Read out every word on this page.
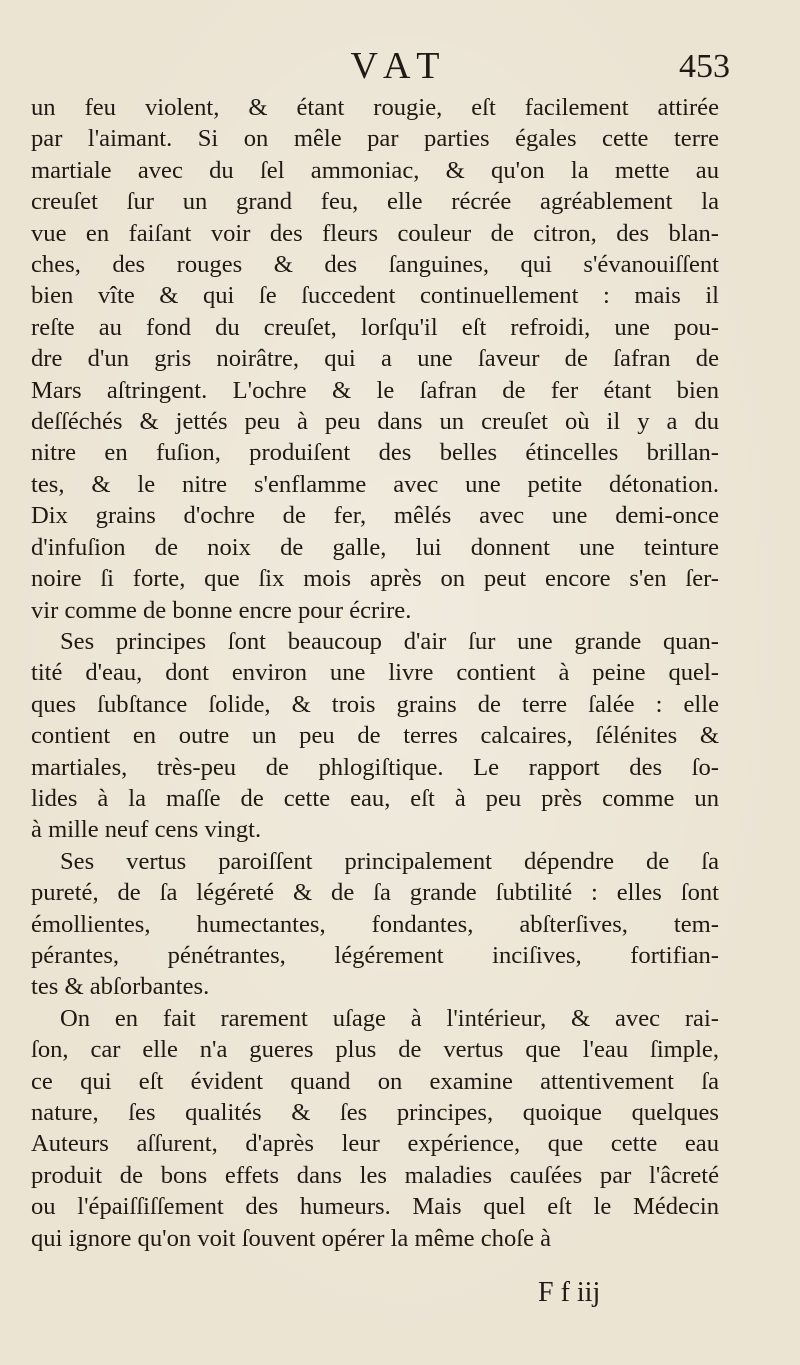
VAT	453
un feu violent, & étant rougie, eſt facilement attirée
par l'aimant. Si on mêle par parties égales cette terre
martiale avec du ſel ammoniac, & qu'on la mette au
creuſet ſur un grand feu, elle récrée agréablement la
vue en faiſant voir des fleurs couleur de citron, des blan-
ches, des rouges & des ſanguines, qui s'évanouiſſent
bien vîte & qui ſe ſuccedent continuellement : mais il
reſte au fond du creuſet, lorſqu'il eſt refroidi, une pou-
dre d'un gris noirâtre, qui a une ſaveur de ſafran de
Mars aſtringent. L'ochre & le ſafran de fer étant bien
deſſéchés & jettés peu à peu dans un creuſet où il y a du
nitre en fuſion, produiſent des belles étincelles brillan-
tes, & le nitre s'enflamme avec une petite détonation.
Dix grains d'ochre de fer, mêlés avec une demi-once
d'infuſion de noix de galle, lui donnent une teinture
noire ſi forte, que ſix mois après on peut encore s'en ſer-
vir comme de bonne encre pour écrire.
Ses principes ſont beaucoup d'air ſur une grande quan-
tité d'eau, dont environ une livre contient à peine quel-
ques ſubſtance ſolide, & trois grains de terre ſalée : elle
contient en outre un peu de terres calcaires, ſélénites &
martiales, très-peu de phlogiſtique. Le rapport des ſo-
lides à la maſſe de cette eau, eſt à peu près comme un
à mille neuf cens vingt.
Ses vertus paroiſſent principalement dépendre de ſa
pureté, de ſa légéreté & de ſa grande ſubtilité : elles ſont
émollientes, humectantes, fondantes, abſterſives, tem-
pérantes, pénétrantes, légérement inciſives, fortifian-
tes & abſorbantes.
On en fait rarement uſage à l'intérieur, & avec rai-
ſon, car elle n'a gueres plus de vertus que l'eau ſimple,
ce qui eſt évident quand on examine attentivement ſa
nature, ſes qualités & ſes principes, quoique quelques
Auteurs aſſurent, d'après leur expérience, que cette eau
produit de bons effets dans les maladies cauſées par l'âcreté
ou l'épaiſſiſſement des humeurs. Mais quel eſt le Médecin
qui ignore qu'on voit ſouvent opérer la même choſe à
F f iij
